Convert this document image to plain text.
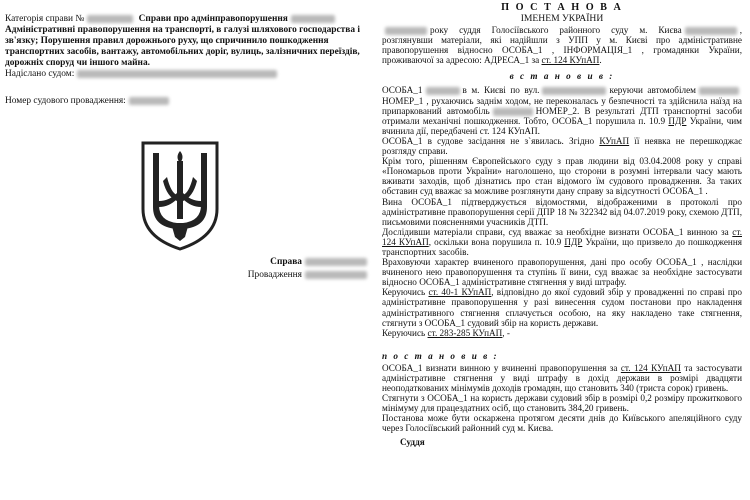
Категорія справи №	Справи про адмінправопорушення Адміністративні правопорушення на транспорті, в галузі шляхового господарства і зв'язку; Порушення правил дорожнього руху, що спричинило пошкодження транспортних засобів, вантажу, автомобільних доріг, вулиць, залізничних переїздів, дорожніх споруд чи іншого майна.

Надіслано судом:

Номер судового провадження:

Справа
Провадження

П О С Т А Н О В А

ІМЕНЕМ УКРАЇНИ

року суддя Голосіївського районного суду м. Києва	, розглянувши матеріали, які надійшли з УПП у м. Києві про адміністративне правопорушення відносно ОСОБА_1 , ІНФОРМАЦІЯ_1 , громадянки України, проживаючої за адресою: АДРЕСА_1 за ст. 124 КУпАП.

в с т а н о в и в :

ОСОБА_1	в м. Києві по вул.	керуючи автомобілемНОМЕР_1 , рухаючись заднім ходом, не переконалась у безпечності та здійснила наїзд на припаркований автомобіль	НОМЕР_2. В результаті ДТП транспортні засоби отримали механічні пошкодження. Тобто, ОСОБА_1 порушила п. 10.9 ПДР України, чим вчинила дії, передбачені ст. 124 КУпАП.

ОСОБА_1 в судове засідання не з`явилась. Згідно КУпАП її неявка не перешкоджає розгляду справи.

Крім того, рішенням Європейського суду з прав людини від 03.04.2008 року у справі «Пономарьов проти України» наголошено, що сторони в розумні інтервали часу мають вживати заходів, щоб дізнатись про стан відомого їм судового провадження. За таких обставин суд вважає за можливе розглянути дану справу за відсутності ОСОБА_1 .

Вина ОСОБА_1 підтверджується відомостями, відображеними в протоколі про адміністративне правопорушення серії ДПР 18 № 322342 від 04.07.2019 року, схемою ДТП, письмовими поясненнями учасників ДТП.

Дослідивши матеріали справи, суд вважає за необхідне визнати ОСОБА_1 винною за ст. 124 КУпАП, оскільки вона порушила п. 10.9 ПДР України, що призвело до пошкодження транспортних засобів.

Враховуючи характер вчиненого правопорушення, дані про особу ОСОБА_1 , наслідки вчиненого нею правопорушення та ступінь її вини, суд вважає за необхідне застосувати відносно ОСОБА_1 адміністративне стягнення у виді штрафу.

Керуючись ст. 40-1 КУпАП, відповідно до якої судовий збір у провадженні по справі про адміністративне правопорушення у разі винесення судом постанови про накладення адміністративного стягнення сплачується особою, на яку накладено таке стягнення, стягнути з ОСОБА_1 судовий збір на користь держави.

Керуючись ст. 283-285 КУпАП, -

п о с т а н о в и в :

ОСОБА_1 визнати винною у вчиненні правопорушення за ст. 124 КУпАП та застосувати адміністративне стягнення у виді штрафу в дохід держави в розмірі двадцяти неоподаткованих мінімумів доходів громадян, що становить 340 (триста сорок) гривень.

Стягнути з ОСОБА_1 на користь держави судовий збір в розмірі 0,2 розміру прожиткового мінімуму для працездатних осіб, що становить 384,20 гривень.

Постанова може бути оскаржена протягом десяти днів до Київського апеляційного суду через Голосіївський районний суд м. Києва.

Суддя
